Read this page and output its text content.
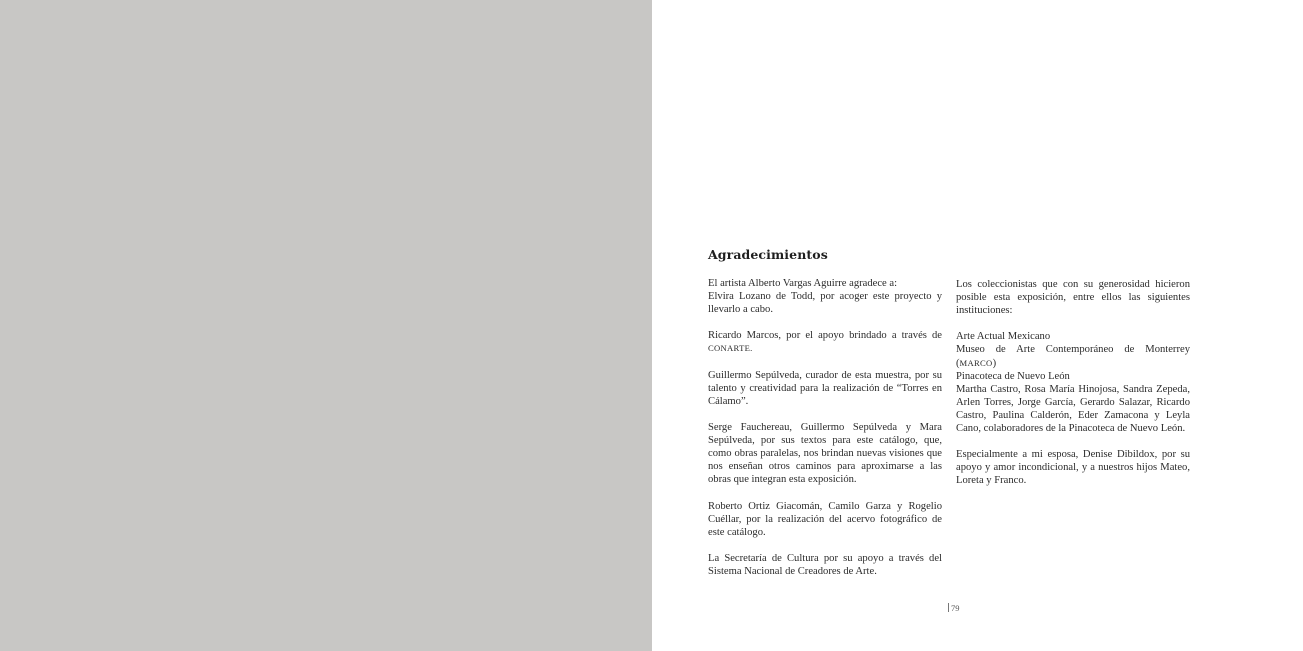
Agradecimientos

El artista Alberto Vargas Aguirre agradece a:

Elvira Lozano de Todd, por acoger este proyecto y llevarlo a cabo.

Ricardo Marcos, por el apoyo brindado a través de CONARTE.

Guillermo Sepúlveda, curador de esta muestra, por su talento y creatividad para la realización de “Torres en Cálamo”.

Serge Fauchereau, Guillermo Sepúlveda y Mara Sepúlveda, por sus textos para este catálogo, que, como obras paralelas, nos brindan nuevas visiones que nos enseñan otros caminos para aproximarse a las obras que integran esta exposición.

Roberto Ortiz Giacomán, Camilo Garza y Rogelio Cuéllar, por la realización del acervo fotográfico de este catálogo.

La Secretaría de Cultura por su apoyo a través del Sistema Nacional de Creadores de Arte.

Los coleccionistas que con su generosidad hicieron posible esta exposición, entre ellos las siguientes instituciones:

Arte Actual Mexicano

Museo de Arte Contemporáneo de Monterrey (MARCO)

Pinacoteca de Nuevo León

Martha Castro, Rosa María Hinojosa, Sandra Zepeda, Arlen Torres, Jorge García, Gerardo Salazar, Ricardo Castro, Paulina Calderón, Eder Zamacona y Leyla Cano, colaboradores de la Pinacoteca de Nuevo León.

Especialmente a mi esposa, Denise Dibildox, por su apoyo y amor incondicional, y a nuestros hijos Mateo, Loreta y Franco.

79
